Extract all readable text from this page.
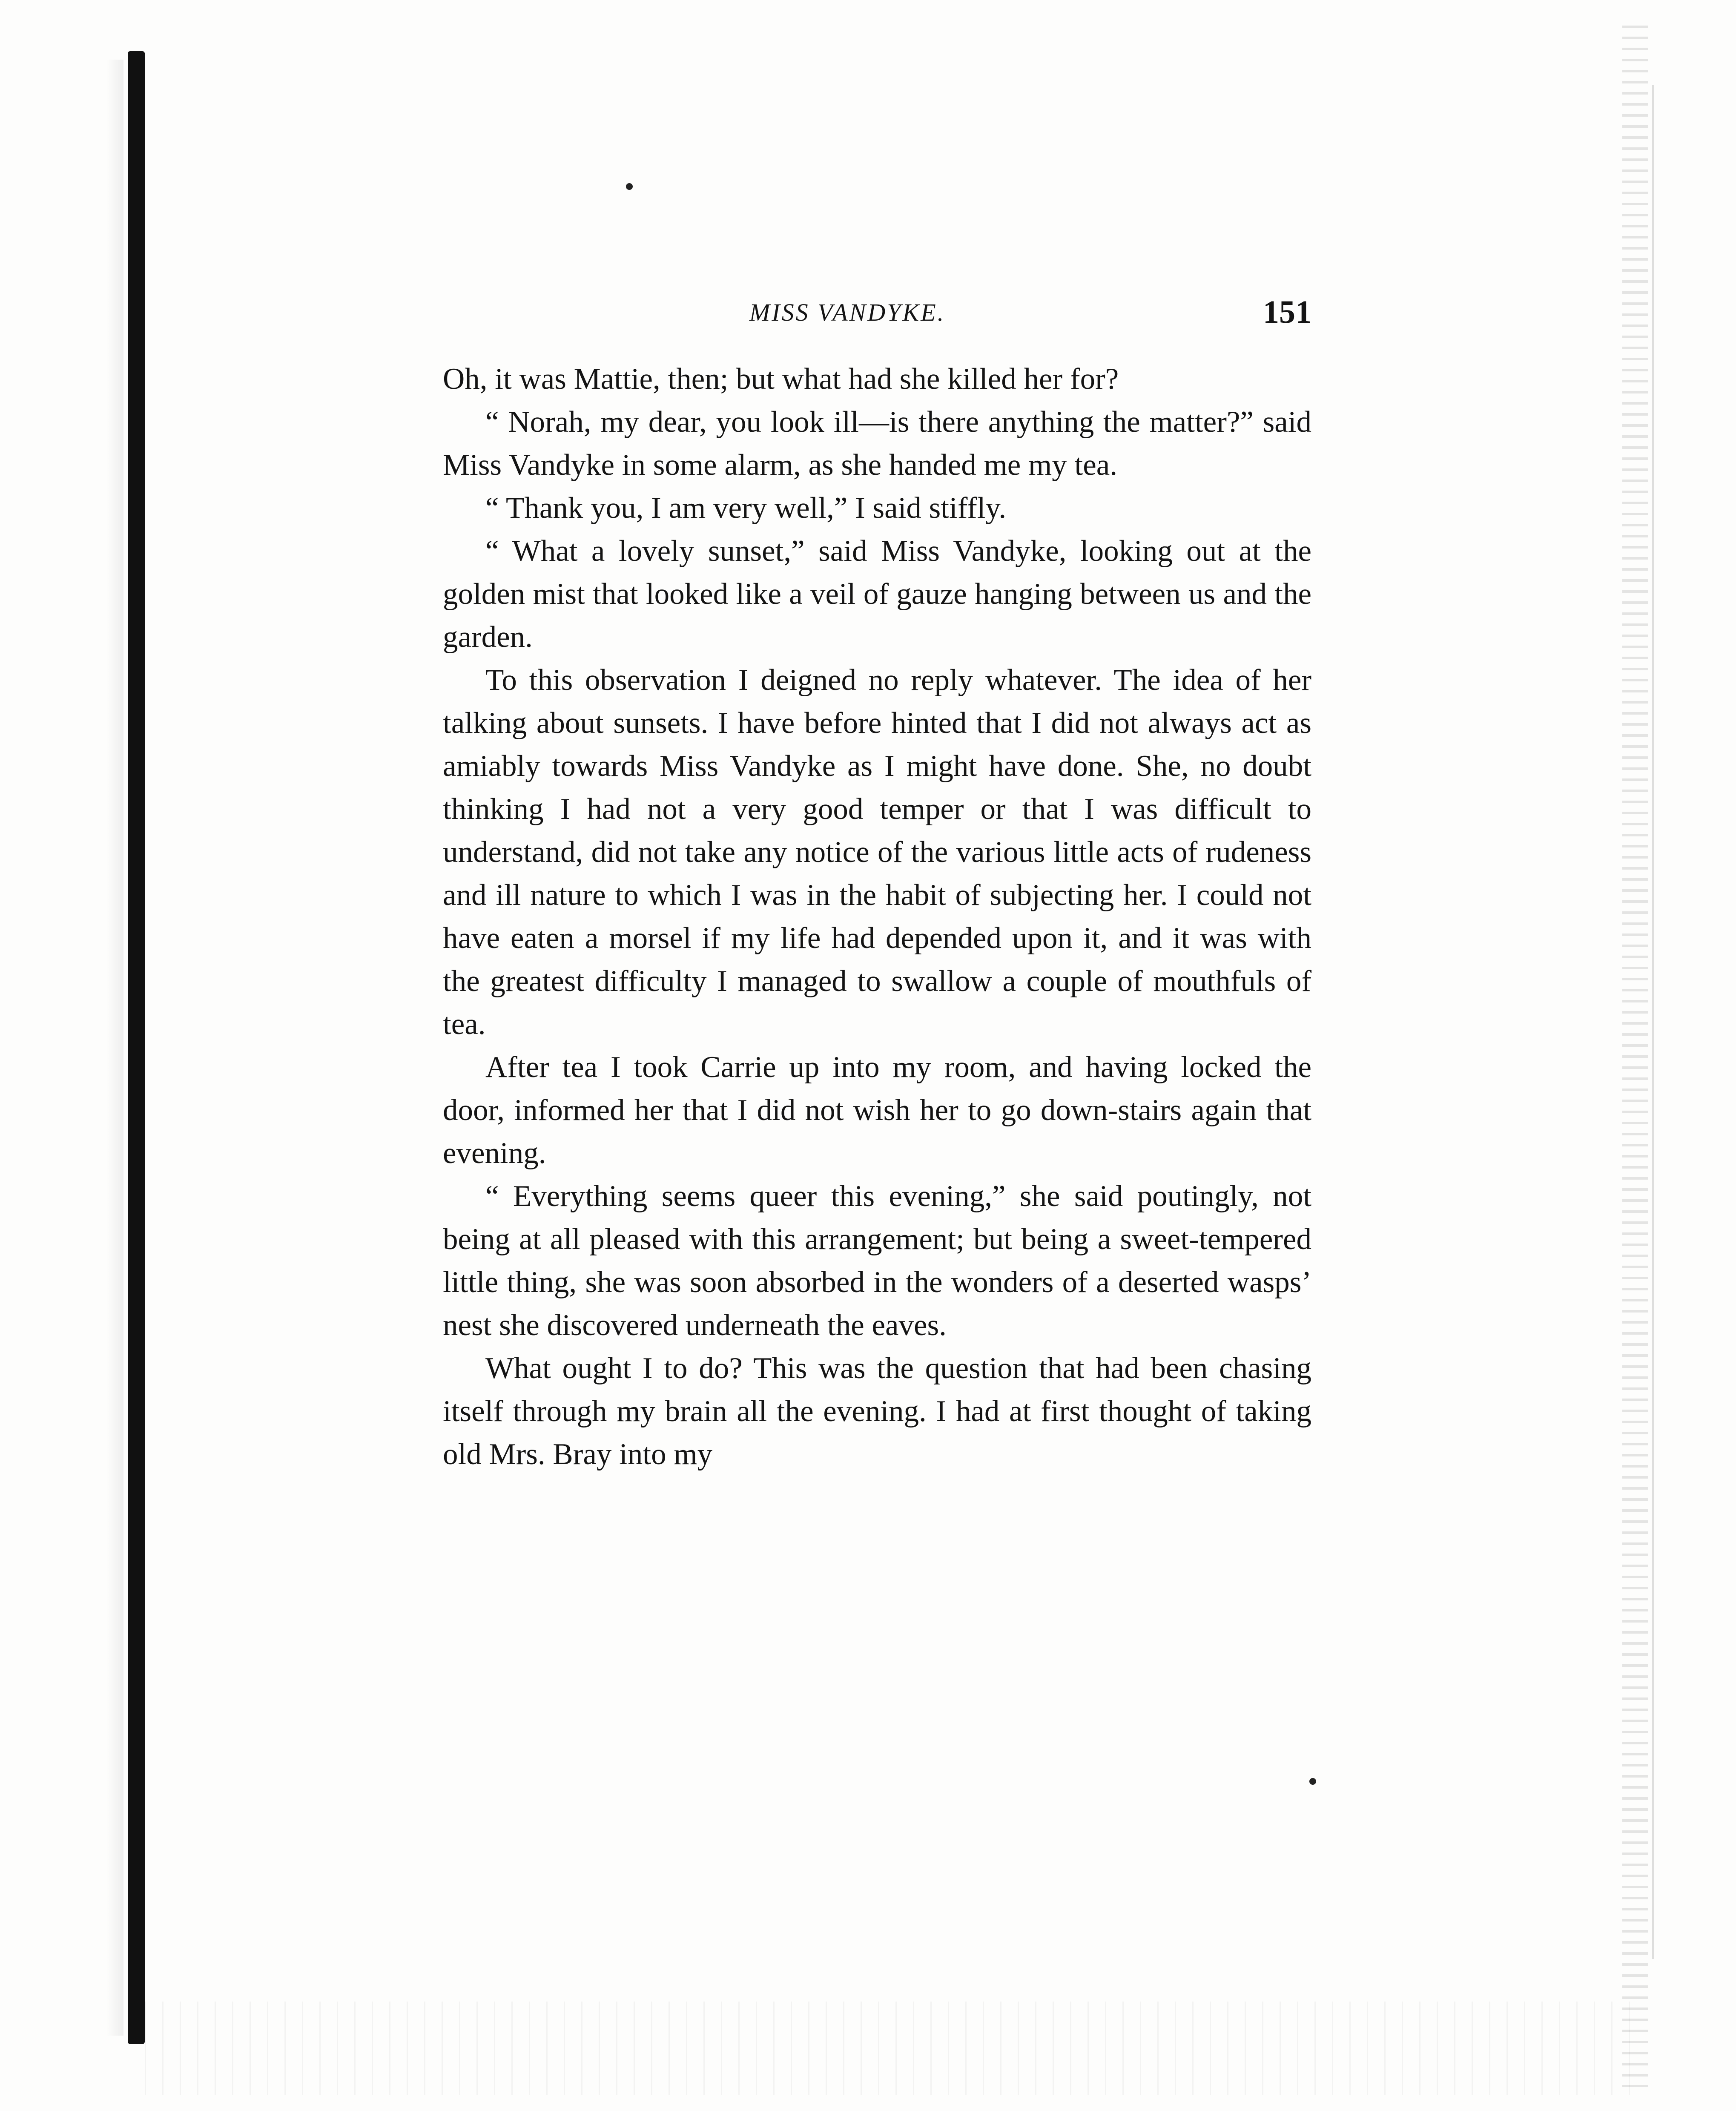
MISS VANDYKE.	151

Oh, it was Mattie, then; but what had she killed her for?

“ Norah, my dear, you look ill—is there anything the matter?” said Miss Vandyke in some alarm, as she handed me my tea.

“ Thank you, I am very well,” I said stiffly.

“ What a lovely sunset,” said Miss Vandyke, looking out at the golden mist that looked like a veil of gauze hanging between us and the garden.

To this observation I deigned no reply whatever. The idea of her talking about sunsets. I have before hinted that I did not always act as amiably towards Miss Vandyke as I might have done. She, no doubt thinking I had not a very good temper or that I was difficult to understand, did not take any notice of the various little acts of rudeness and ill nature to which I was in the habit of subjecting her. I could not have eaten a morsel if my life had depended upon it, and it was with the greatest difficulty I managed to swallow a couple of mouthfuls of tea.

After tea I took Carrie up into my room, and having locked the door, informed her that I did not wish her to go down-stairs again that evening.

“ Everything seems queer this evening,” she said poutingly, not being at all pleased with this arrangement; but being a sweet-tempered little thing, she was soon absorbed in the wonders of a deserted wasps’ nest she discovered underneath the eaves.

What ought I to do? This was the question that had been chasing itself through my brain all the evening. I had at first thought of taking old Mrs. Bray into my
